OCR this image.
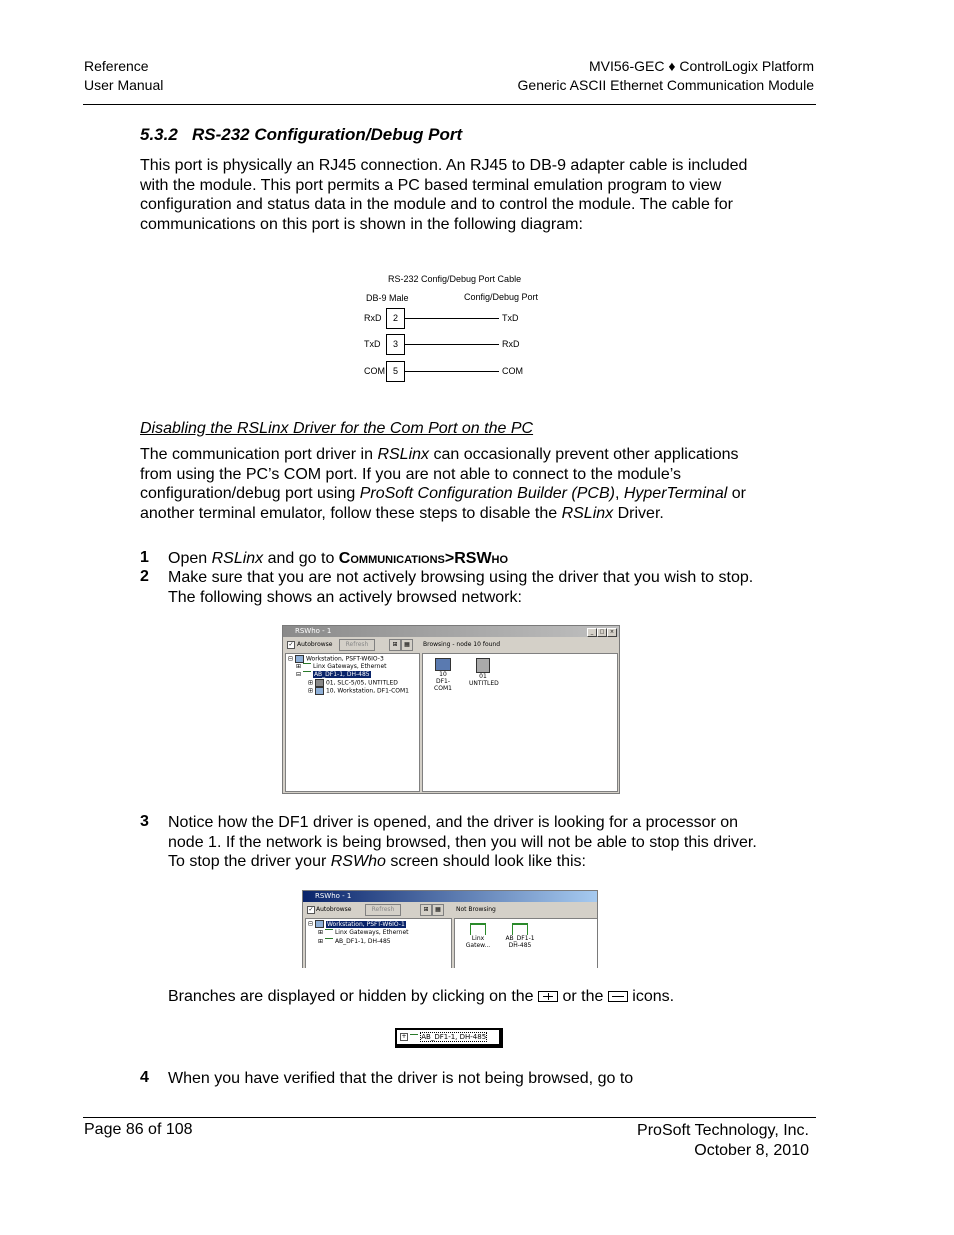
Reference
User Manual
MVI56-GEC ♦ ControlLogix Platform
Generic ASCII Ethernet Communication Module
5.3.2 RS-232 Configuration/Debug Port
This port is physically an RJ45 connection. An RJ45 to DB-9 adapter cable is included with the module. This port permits a PC based terminal emulation program to view configuration and status data in the module and to control the module. The cable for communications on this port is shown in the following diagram:
RS-232 Config/Debug Port Cable
DB-9 Male	Config/Debug Port
RxD	2	TxD
TxD	3	RxD
COM 5	COM
Disabling the RSLinx Driver for the Com Port on the PC
The communication port driver in RSLinx can occasionally prevent other applications from using the PC’s COM port. If you are not able to connect to the module’s configuration/debug port using ProSoft Configuration Builder (PCB), HyperTerminal or another terminal emulator, follow these steps to disable the RSLinx Driver.
1 Open RSLinx and go to Communications>RSWho
2 Make sure that you are not actively browsing using the driver that you wish to stop. The following shows an actively browsed network:
RSWho - 1	_	□	×
✓ Autobrowse	Refresh	⊞	▦	Browsing - node 10 found
⊟ Workstation, PSFT-W6IO-3
⊞ Linx Gateways, Ethernet
⊟ AB_DF1-1, DH-485
⊞ 01, SLC-5/05, UNTITLED
⊞ 10, Workstation, DF1-COM1
10
DF1-COM1
01
UNTITLED
3 Notice how the DF1 driver is opened, and the driver is looking for a processor on node 1. If the network is being browsed, then you will not be able to stop this driver. To stop the driver your RSWho screen should look like this:
RSWho - 1
✓ Autobrowse	Refresh	⊞	▦	Not Browsing
⊟ Workstation, PSFT-W6IO-1
⊞ Linx Gateways, Ethernet
⊞ AB_DF1-1, DH-485	Linx
Gatew...
AB_DF1-1
DH-485
Branches are displayed or hidden by clicking on the or the icons.
+ AB_DF1-1, DH-485
4 When you have verified that the driver is not being browsed, go to
Page 86 of 108	ProSoft Technology, Inc.
October 8, 2010
